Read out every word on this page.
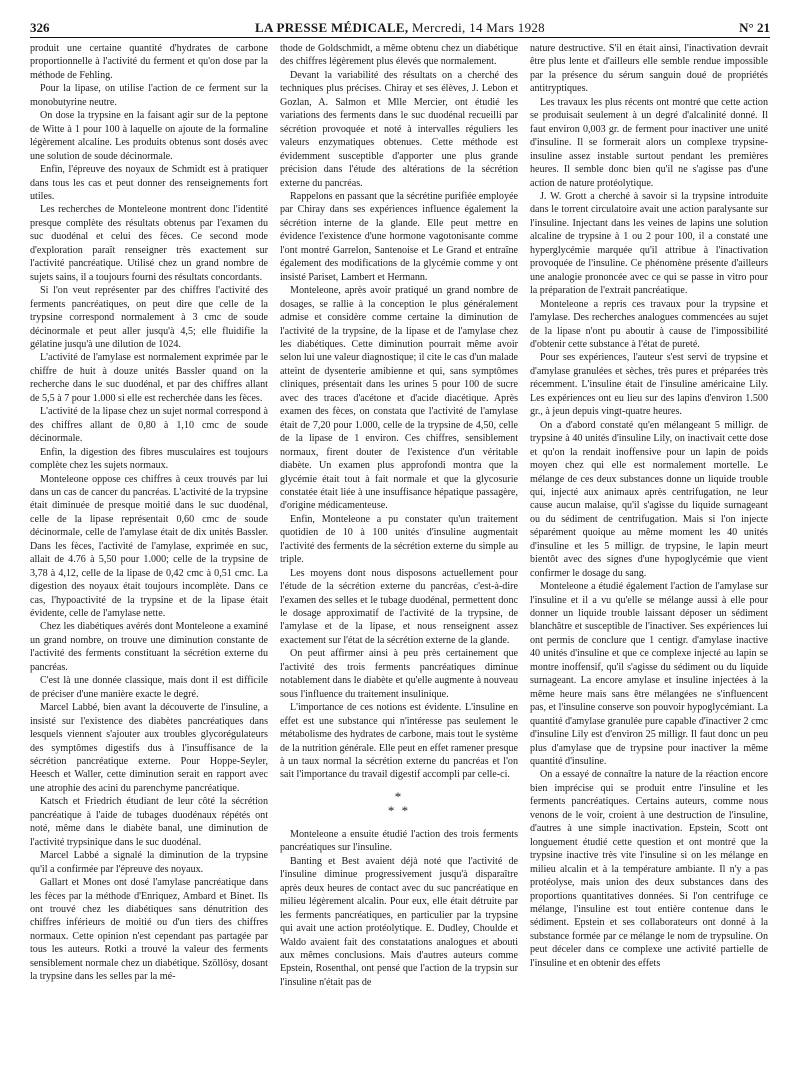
326	LA PRESSE MÉDICALE, Mercredi, 14 Mars 1928	N° 21

produit une certaine quantité d'hydrates de carbone proportionnelle à l'activité du ferment et qu'on dose par la méthode de Fehling.

Pour la lipase, on utilise l'action de ce ferment sur la monobutyrine neutre.

On dose la trypsine en la faisant agir sur de la peptone de Witte à 1 pour 100 à laquelle on ajoute de la formaline légèrement alcaline. Les produits obtenus sont dosés avec une solution de soude décinormale.

Enfin, l'épreuve des noyaux de Schmidt est à pratiquer dans tous les cas et peut donner des renseignements fort utiles.

Les recherches de Monteleone montrent donc l'identité presque complète des résultats obtenus par l'examen du suc duodénal et celui des fèces. Ce second mode d'exploration paraît renseigner très exactement sur l'activité pancréatique. Utilisé chez un grand nombre de sujets sains, il a toujours fourni des résultats concordants.

Si l'on veut représenter par des chiffres l'activité des ferments pancréatiques, on peut dire que celle de la trypsine correspond normalement à 3 cmc de soude décinormale et peut aller jusqu'à 4,5; elle fluidifie la gélatine jusqu'à une dilution de 1024.

L'activité de l'amylase est normalement exprimée par le chiffre de huit à douze unités Bassler quand on la recherche dans le suc duodénal, et par des chiffres allant de 5,5 à 7 pour 1.000 si elle est recherchée dans les fèces.

L'activité de la lipase chez un sujet normal correspond à des chiffres allant de 0,80 à 1,10 cmc de soude décinormale.

Enfin, la digestion des fibres musculaires est toujours complète chez les sujets normaux.

Monteleone oppose ces chiffres à ceux trouvés par lui dans un cas de cancer du pancréas. L'activité de la trypsine était diminuée de presque moitié dans le suc duodénal, celle de la lipase représentait 0,60 cmc de soude décinormale, celle de l'amylase était de dix unités Bassler. Dans les fèces, l'activité de l'amylase, exprimée en suc, allait de 4.76 à 5,50 pour 1.000; celle de la trypsine de 3,78 à 4,12, celle de la lipase de 0,42 cmc à 0,51 cmc. La digestion des noyaux était toujours incomplète. Dans ce cas, l'hypoactivité de la trypsine et de la lipase était évidente, celle de l'amylase nette.

Chez les diabétiques avérés dont Monteleone a examiné un grand nombre, on trouve une diminution constante de l'activité des ferments constituant la sécrétion externe du pancréas.

C'est là une donnée classique, mais dont il est difficile de préciser d'une manière exacte le degré.

Marcel Labbé, bien avant la découverte de l'insuline, a insisté sur l'existence des diabètes pancréatiques dans lesquels viennent s'ajouter aux troubles glycorégulateurs des symptômes digestifs dus à l'insuffisance de la sécrétion pancréatique externe. Pour Hoppe-Seyler, Heesch et Waller, cette diminution serait en rapport avec une atrophie des acini du parenchyme pancréatique.

Katsch et Friedrich étudiant de leur côté la sécrétion pancréatique à l'aide de tubages duodénaux répétés ont noté, même dans le diabète banal, une diminution de l'activité trypsinique dans le suc duodénal.

Marcel Labbé a signalé la diminution de la trypsine qu'il a confirmée par l'épreuve des noyaux.

Gallart et Mones ont dosé l'amylase pancréatique dans les fèces par la méthode d'Enriquez, Ambard et Binet. Ils ont trouvé chez les diabétiques sans dénutrition des chiffres inférieurs de moitié ou d'un tiers des chiffres normaux. Cette opinion n'est cependant pas partagée par tous les auteurs. Rotki a trouvé la valeur des ferments sensiblement normale chez un diabétique. Szöllösy, dosant la trypsine dans les selles par la mé-

thode de Goldschmidt, a même obtenu chez un diabétique des chiffres légèrement plus élevés que normalement.

Devant la variabilité des résultats on a cherché des techniques plus précises. Chiray et ses élèves, J. Lebon et Gozlan, A. Salmon et Mlle Mercier, ont étudié les variations des ferments dans le suc duodénal recueilli par sécrétion provoquée et noté à intervalles réguliers les valeurs enzymatiques obtenues. Cette méthode est évidemment susceptible d'apporter une plus grande précision dans l'étude des altérations de la sécrétion externe du pancréas.

Rappelons en passant que la sécrétine purifiée employée par Chiray dans ses expériences influence également la sécrétion interne de la glande. Elle peut mettre en évidence l'existence d'une hormone vagotonisante comme l'ont montré Garrelon, Santenoise et Le Grand et entraîne également des modifications de la glycémie comme y ont insisté Pariset, Lambert et Hermann.

Monteleone, après avoir pratiqué un grand nombre de dosages, se rallie à la conception le plus généralement admise et considère comme certaine la diminution de l'activité de la trypsine, de la lipase et de l'amylase chez les diabétiques. Cette diminution pourrait même avoir selon lui une valeur diagnostique; il cite le cas d'un malade atteint de dysenterie amibienne et qui, sans symptômes cliniques, présentait dans les urines 5 pour 100 de sucre avec des traces d'acétone et d'acide diacétique. Après examen des fèces, on constata que l'activité de l'amylase était de 7,20 pour 1.000, celle de la trypsine de 4,50, celle de la lipase de 1 environ. Ces chiffres, sensiblement normaux, firent douter de l'existence d'un véritable diabète. Un examen plus approfondi montra que la glycémie était tout à fait normale et que la glycosurie constatée était liée à une insuffisance hépatique passagère, d'origine médicamenteuse.

Enfin, Monteleone a pu constater qu'un traitement quotidien de 10 à 100 unités d'insuline augmentait l'activité des ferments de la sécrétion externe du simple au triple.

Les moyens dont nous disposons actuellement pour l'étude de la sécrétion externe du pancréas, c'est-à-dire l'examen des selles et le tubage duodénal, permettent donc le dosage approximatif de l'activité de la trypsine, de l'amylase et de la lipase, et nous renseignent assez exactement sur l'état de la sécrétion externe de la glande.

On peut affirmer ainsi à peu près certainement que l'activité des trois ferments pancréatiques diminue notablement dans le diabète et qu'elle augmente à nouveau sous l'influence du traitement insulinique.

L'importance de ces notions est évidente. L'insuline en effet est une substance qui n'intéresse pas seulement le métabolisme des hydrates de carbone, mais tout le système de la nutrition générale. Elle peut en effet ramener presque à un taux normal la sécrétion externe du pancréas et l'on sait l'importance du travail digestif accompli par celle-ci.

*
* *

Monteleone a ensuite étudié l'action des trois ferments pancréatiques sur l'insuline.

Banting et Best avaient déjà noté que l'activité de l'insuline diminue progressivement jusqu'à disparaître après deux heures de contact avec du suc pancréatique en milieu légèrement alcalin. Pour eux, elle était détruite par les ferments pancréatiques, en particulier par la trypsine qui avait une action protéolytique. E. Dudley, Choulde et Waldo avaient fait des constatations analogues et abouti aux mêmes conclusions. Mais d'autres auteurs comme Epstein, Rosenthal, ont pensé que l'action de la trypsin sur l'insuline n'était pas de

nature destructive. S'il en était ainsi, l'inactivation devrait être plus lente et d'ailleurs elle semble rendue impossible par la présence du sérum sanguin doué de propriétés antitryptiques.

Les travaux les plus récents ont montré que cette action se produisait seulement à un degré d'alcalinité donné. Il faut environ 0,003 gr. de ferment pour inactiver une unité d'insuline. Il se formerait alors un complexe trypsine-insuline assez instable surtout pendant les premières heures. Il semble donc bien qu'il ne s'agisse pas d'une action de nature protéolytique.

J. W. Grott a cherché à savoir si la trypsine introduite dans le torrent circulatoire avait une action paralysante sur l'insuline. Injectant dans les veines de lapins une solution alcaline de trypsine à 1 ou 2 pour 100, il a constaté une hyperglycémie marquée qu'il attribue à l'inactivation provoquée de l'insuline. Ce phénomène présente d'ailleurs une analogie prononcée avec ce qui se passe in vitro pour la préparation de l'extrait pancréatique.

Monteleone a repris ces travaux pour la trypsine et l'amylase. Des recherches analogues commencées au sujet de la lipase n'ont pu aboutir à cause de l'impossibilité d'obtenir cette substance à l'état de pureté.

Pour ses expériences, l'auteur s'est servi de trypsine et d'amylase granulées et sèches, très pures et préparées très récemment. L'insuline était de l'insuline américaine Lily. Les expériences ont eu lieu sur des lapins d'environ 1.500 gr., à jeun depuis vingt-quatre heures.

On a d'abord constaté qu'en mélangeant 5 milligr. de trypsine à 40 unités d'insuline Lily, on inactivait cette dose et qu'on la rendait inoffensive pour un lapin de poids moyen chez qui elle est normalement mortelle. Le mélange de ces deux substances donne un liquide trouble qui, injecté aux animaux après centrifugation, ne leur cause aucun malaise, qu'il s'agisse du liquide surnageant ou du sédiment de centrifugation. Mais si l'on injecte séparément quoique au même moment les 40 unités d'insuline et les 5 milligr. de trypsine, le lapin meurt bientôt avec des signes d'une hypoglycémie que vient confirmer le dosage du sang.

Monteleone a étudié également l'action de l'amylase sur l'insuline et il a vu qu'elle se mélange aussi à elle pour donner un liquide trouble laissant déposer un sédiment blanchâtre et susceptible de l'inactiver. Ses expériences lui ont permis de conclure que 1 centigr. d'amylase inactive 40 unités d'insuline et que ce complexe injecté au lapin se montre inoffensif, qu'il s'agisse du sédiment ou du liquide surnageant. La encore amylase et insuline injectées à la même heure mais sans être mélangées ne s'influencent pas, et l'insuline conserve son pouvoir hypoglycémiant. La quantité d'amylase granulée pure capable d'inactiver 2 cmc d'insuline Lily est d'environ 25 milligr. Il faut donc un peu plus d'amylase que de trypsine pour inactiver la même quantité d'insuline.

On a essayé de connaître la nature de la réaction encore bien imprécise qui se produit entre l'insuline et les ferments pancréatiques. Certains auteurs, comme nous venons de le voir, croient à une destruction de l'insuline, d'autres à une simple inactivation. Epstein, Scott ont longuement étudié cette question et ont montré que la trypsine inactive très vite l'insuline si on les mélange en milieu alcalin et à la température ambiante. Il n'y a pas protéolyse, mais union des deux substances dans des proportions quantitatives données. Si l'on centrifuge ce mélange, l'insuline est tout entière contenue dans le sédiment. Epstein et ses collaborateurs ont donné à la substance formée par ce mélange le nom de trypsuline. On peut déceler dans ce complexe une activité partielle de l'insuline et en obtenir des effets
